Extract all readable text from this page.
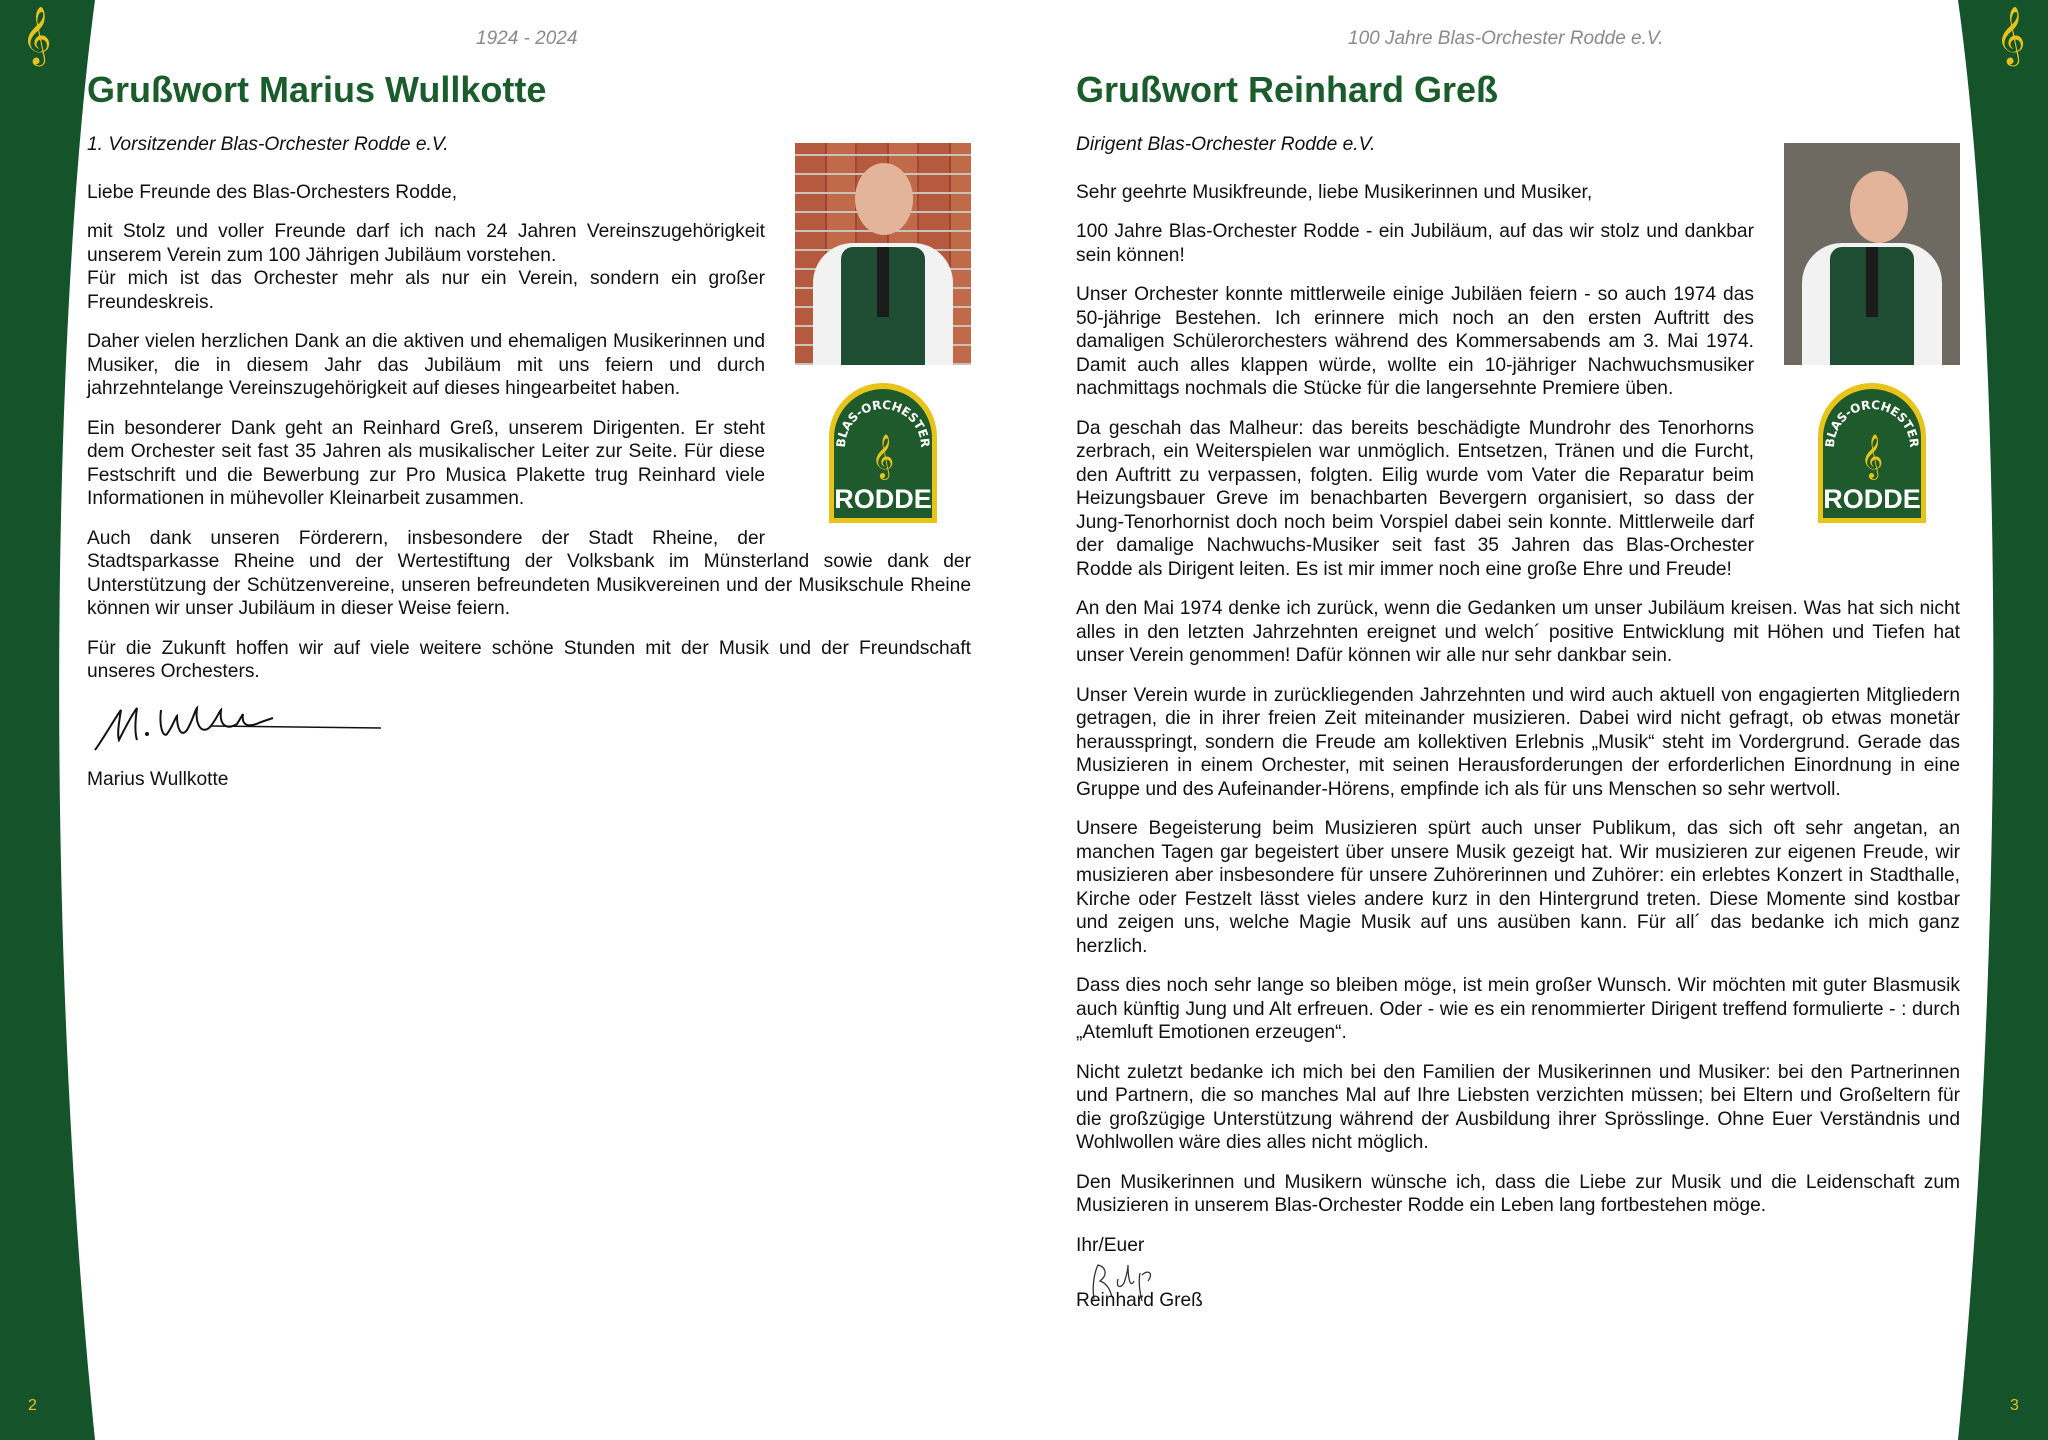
𝄞	𝄞
1924 - 2024	100 Jahre Blas-Orchester Rodde e.V.
2	3
Grußwort Marius Wullkotte
BLAS-ORCHESTER
𝄞
RODDE
1. Vorsitzender Blas-Orchester Rodde e.V.

Liebe Freunde des Blas-Orchesters Rodde,

mit Stolz und voller Freunde darf ich nach 24 Jahren Vereinszugehörigkeit unserem Verein zum 100 Jährigen Jubiläum vorstehen.
Für mich ist das Orchester mehr als nur ein Verein, sondern ein großer Freundeskreis.

Daher vielen herzlichen Dank an die aktiven und ehemaligen Musikerinnen und Musiker, die in diesem Jahr das Jubiläum mit uns feiern und durch jahrzehntelange Vereinszugehörigkeit auf dieses hingearbeitet haben.

Ein besonderer Dank geht an Reinhard Greß, unserem Dirigenten. Er steht dem Orchester seit fast 35 Jahren als musikalischer Leiter zur Seite. Für diese Festschrift und die Bewerbung zur Pro Musica Plakette trug Reinhard viele Informationen in mühevoller Kleinarbeit zusammen.

Auch dank unseren Förderern, insbesondere der Stadt Rheine, der Stadtsparkasse Rheine und der Wertestiftung der Volksbank im Münsterland sowie dank der Unterstützung der Schützenvereine, unseren befreundeten Musikvereinen und der Musikschule Rheine können wir unser Jubiläum in dieser Weise feiern.

Für die Zukunft hoffen wir auf viele weitere schöne Stunden mit der Musik und der Freundschaft unseres Orchesters.

Marius Wullkotte
Grußwort Reinhard Greß
BLAS-ORCHESTER
𝄞
RODDE
Dirigent Blas-Orchester Rodde e.V.

Sehr geehrte Musikfreunde, liebe Musikerinnen und Musiker,

100 Jahre Blas-Orchester Rodde - ein Jubiläum, auf das wir stolz und dankbar sein können!

Unser Orchester konnte mittlerweile einige Jubiläen feiern - so auch 1974 das 50-jährige Bestehen. Ich erinnere mich noch an den ersten Auftritt des damaligen Schülerorchesters während des Kommersabends am 3. Mai 1974. Damit auch alles klappen würde, wollte ein 10-jähriger Nachwuchsmusiker nachmittags nochmals die Stücke für die langersehnte Premiere üben.

Da geschah das Malheur: das bereits beschädigte Mundrohr des Tenorhorns zerbrach, ein Weiterspielen war unmöglich. Entsetzen, Tränen und die Furcht, den Auftritt zu verpassen, folgten. Eilig wurde vom Vater die Reparatur beim Heizungsbauer Greve im benachbarten Bevergern organisiert, so dass der Jung-Tenorhornist doch noch beim Vorspiel dabei sein konnte. Mittlerweile darf der damalige Nachwuchs-Musiker seit fast 35 Jahren das Blas-Orchester Rodde als Dirigent leiten. Es ist mir immer noch eine große Ehre und Freude!

An den Mai 1974 denke ich zurück, wenn die Gedanken um unser Jubiläum kreisen. Was hat sich nicht alles in den letzten Jahrzehnten ereignet und welch´ positive Entwicklung mit Höhen und Tiefen hat unser Verein genommen! Dafür können wir alle nur sehr dankbar sein.

Unser Verein wurde in zurückliegenden Jahrzehnten und wird auch aktuell von engagierten Mitgliedern getragen, die in ihrer freien Zeit miteinander musizieren. Dabei wird nicht gefragt, ob etwas monetär herausspringt, sondern die Freude am kollektiven Erlebnis „Musik“ steht im Vordergrund. Gerade das Musizieren in einem Orchester, mit seinen Herausforderungen der erforderlichen Einordnung in eine Gruppe und des Aufeinander-Hörens, empfinde ich als für uns Menschen so sehr wertvoll.

Unsere Begeisterung beim Musizieren spürt auch unser Publikum, das sich oft sehr angetan, an manchen Tagen gar begeistert über unsere Musik gezeigt hat. Wir musizieren zur eigenen Freude, wir musizieren aber insbesondere für unsere Zuhörerinnen und Zuhörer: ein erlebtes Konzert in Stadthalle, Kirche oder Festzelt lässt vieles andere kurz in den Hintergrund treten. Diese Momente sind kostbar und zeigen uns, welche Magie Musik auf uns ausüben kann. Für all´ das bedanke ich mich ganz herzlich.

Dass dies noch sehr lange so bleiben möge, ist mein großer Wunsch. Wir möchten mit guter Blasmusik auch künftig Jung und Alt erfreuen. Oder - wie es ein renommierter Dirigent treffend formulierte - : durch „Atemluft Emotionen erzeugen“.

Nicht zuletzt bedanke ich mich bei den Familien der Musikerinnen und Musiker: bei den Partnerinnen und Partnern, die so manches Mal auf Ihre Liebsten verzichten müssen; bei Eltern und Großeltern für die großzügige Unterstützung während der Ausbildung ihrer Sprösslinge. Ohne Euer Verständnis und Wohlwollen wäre dies alles nicht möglich.

Den Musikerinnen und Musikern wünsche ich, dass die Liebe zur Musik und die Leidenschaft zum Musizieren in unserem Blas-Orchester Rodde ein Leben lang fortbestehen möge.

Ihr/Euer

Reinhard Greß
